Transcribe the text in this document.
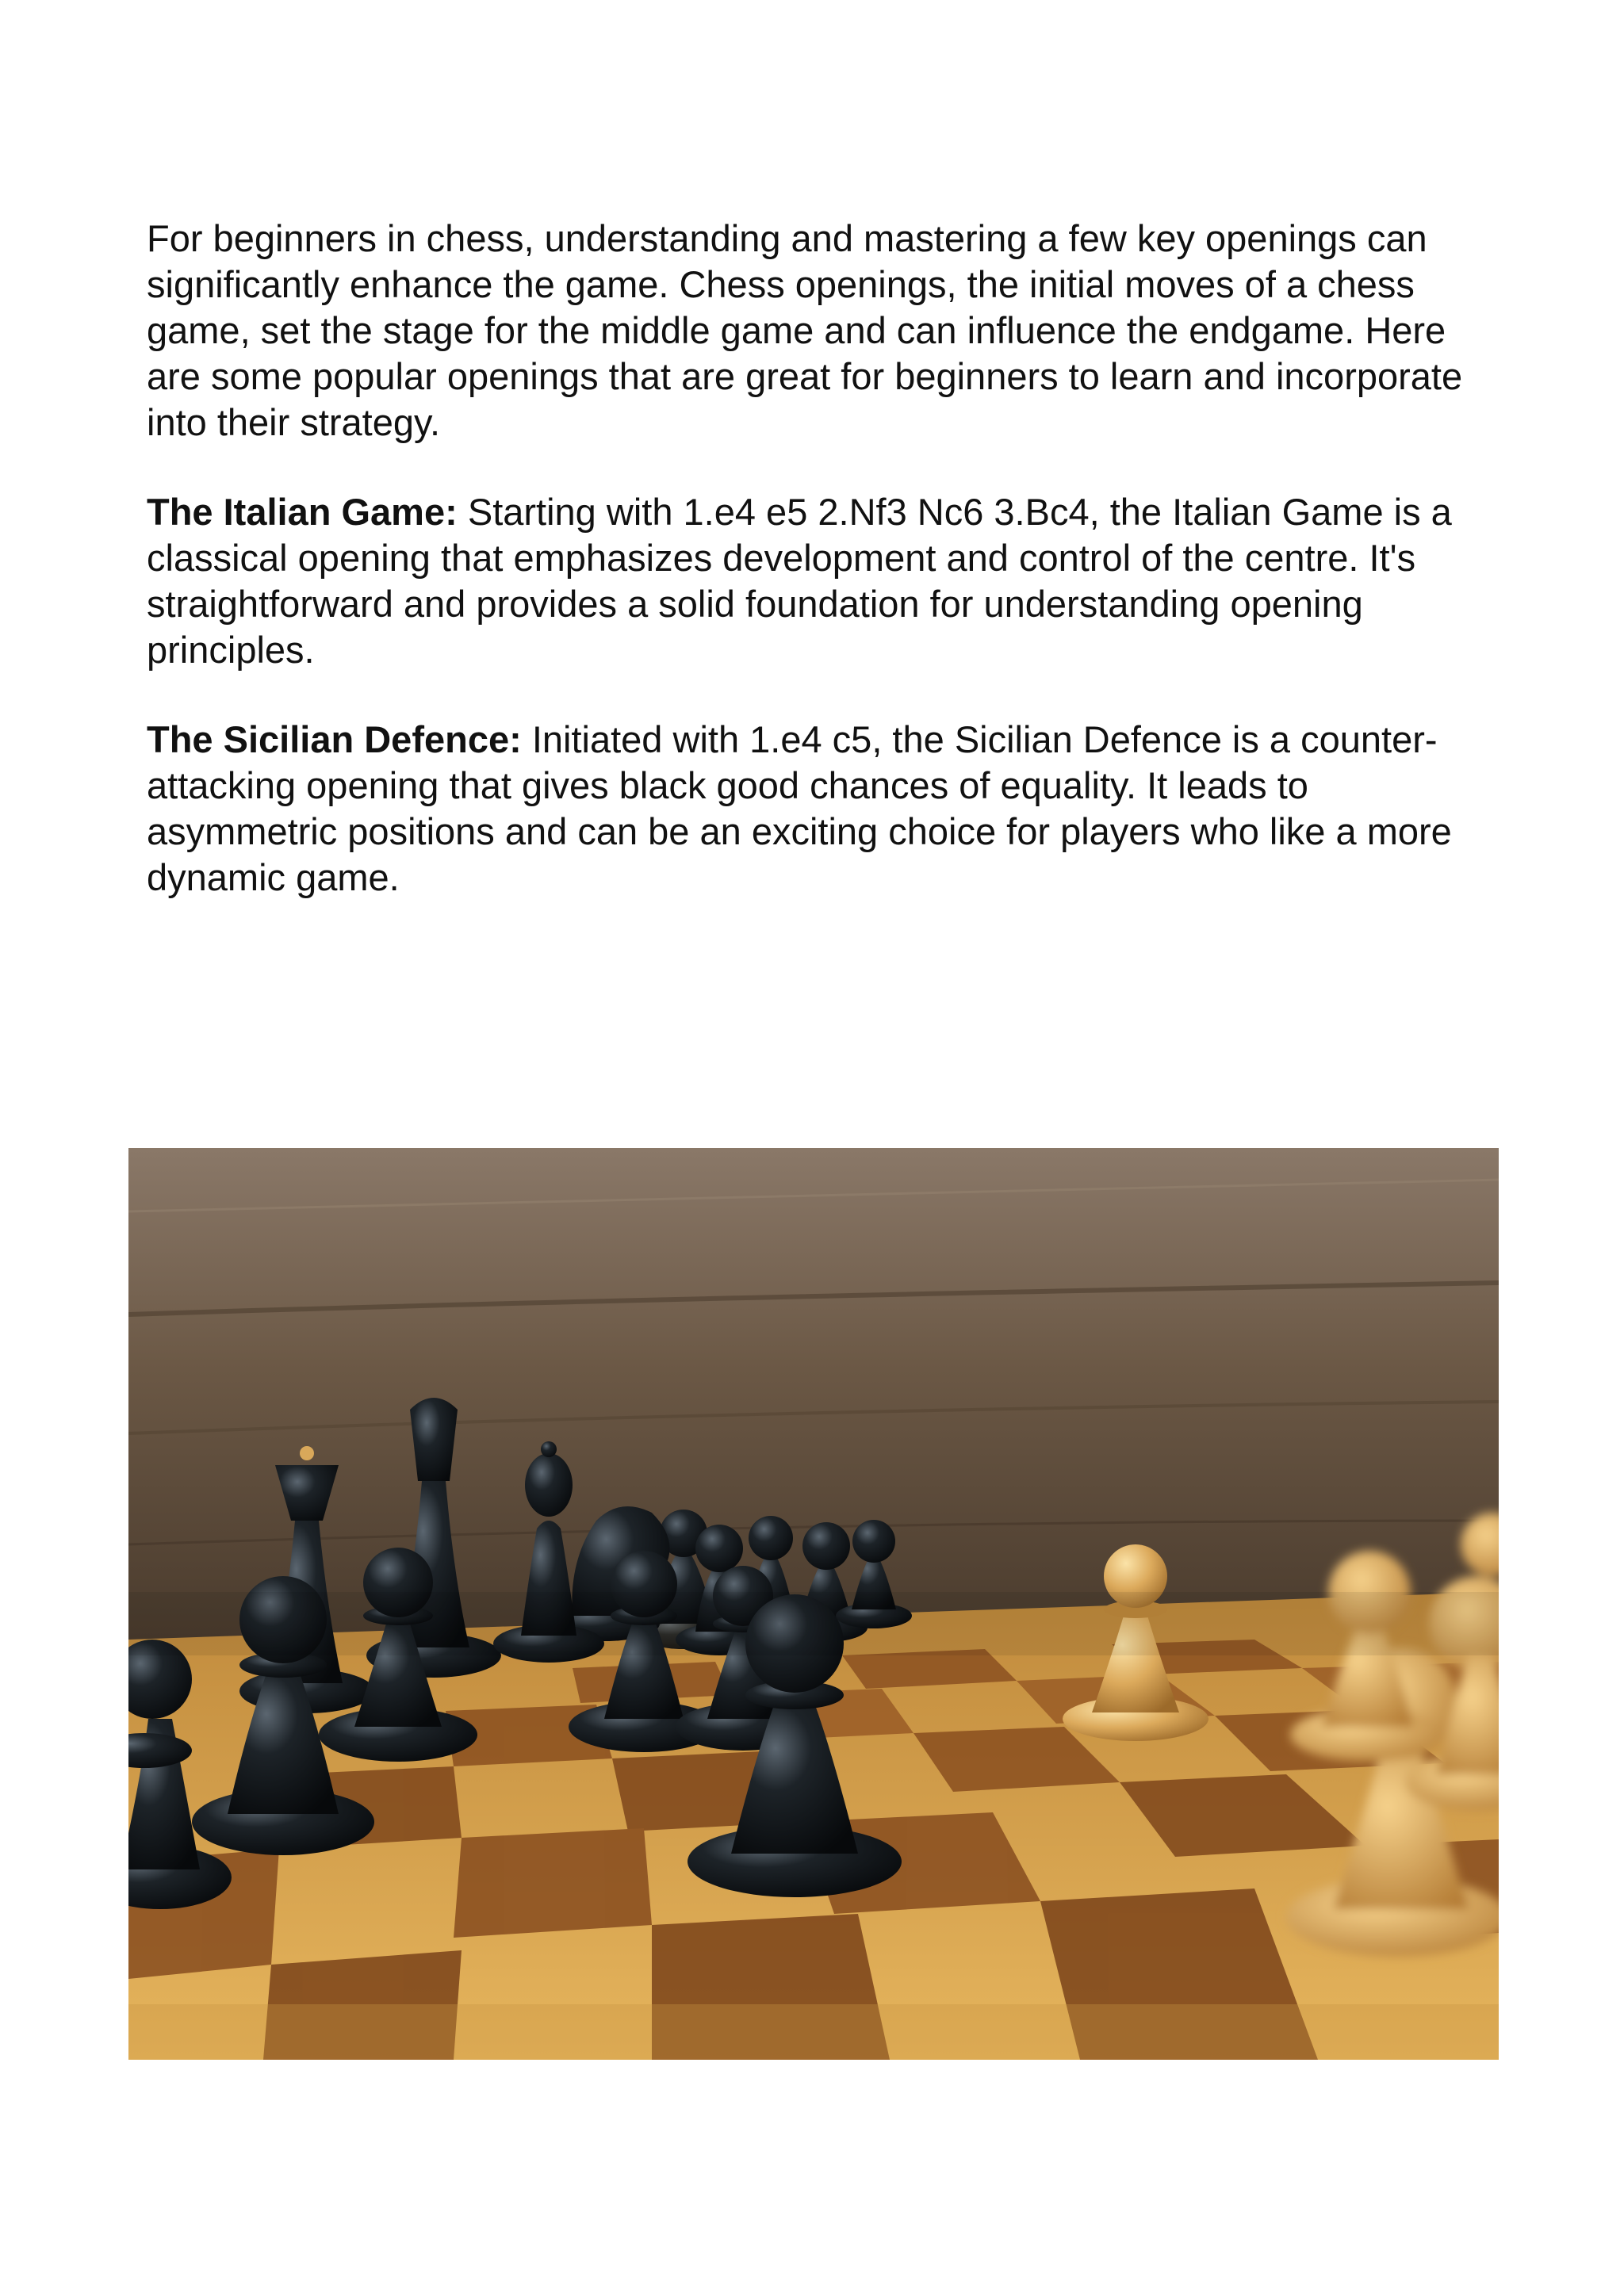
For beginners in chess, understanding and mastering a few key openings can significantly enhance the game. Chess openings, the initial moves of a chess game, set the stage for the middle game and can influence the endgame. Here are some popular openings that are great for beginners to learn and incorporate into their strategy.

The Italian Game: Starting with 1.e4 e5 2.Nf3 Nc6 3.Bc4, the Italian Game is a classical opening that emphasizes development and control of the centre. It's straightforward and provides a solid foundation for understanding opening principles.

The Sicilian Defence: Initiated with 1.e4 c5, the Sicilian Defence is a counter-attacking opening that gives black good chances of equality. It leads to asymmetric positions and can be an exciting choice for players who like a more dynamic game.
